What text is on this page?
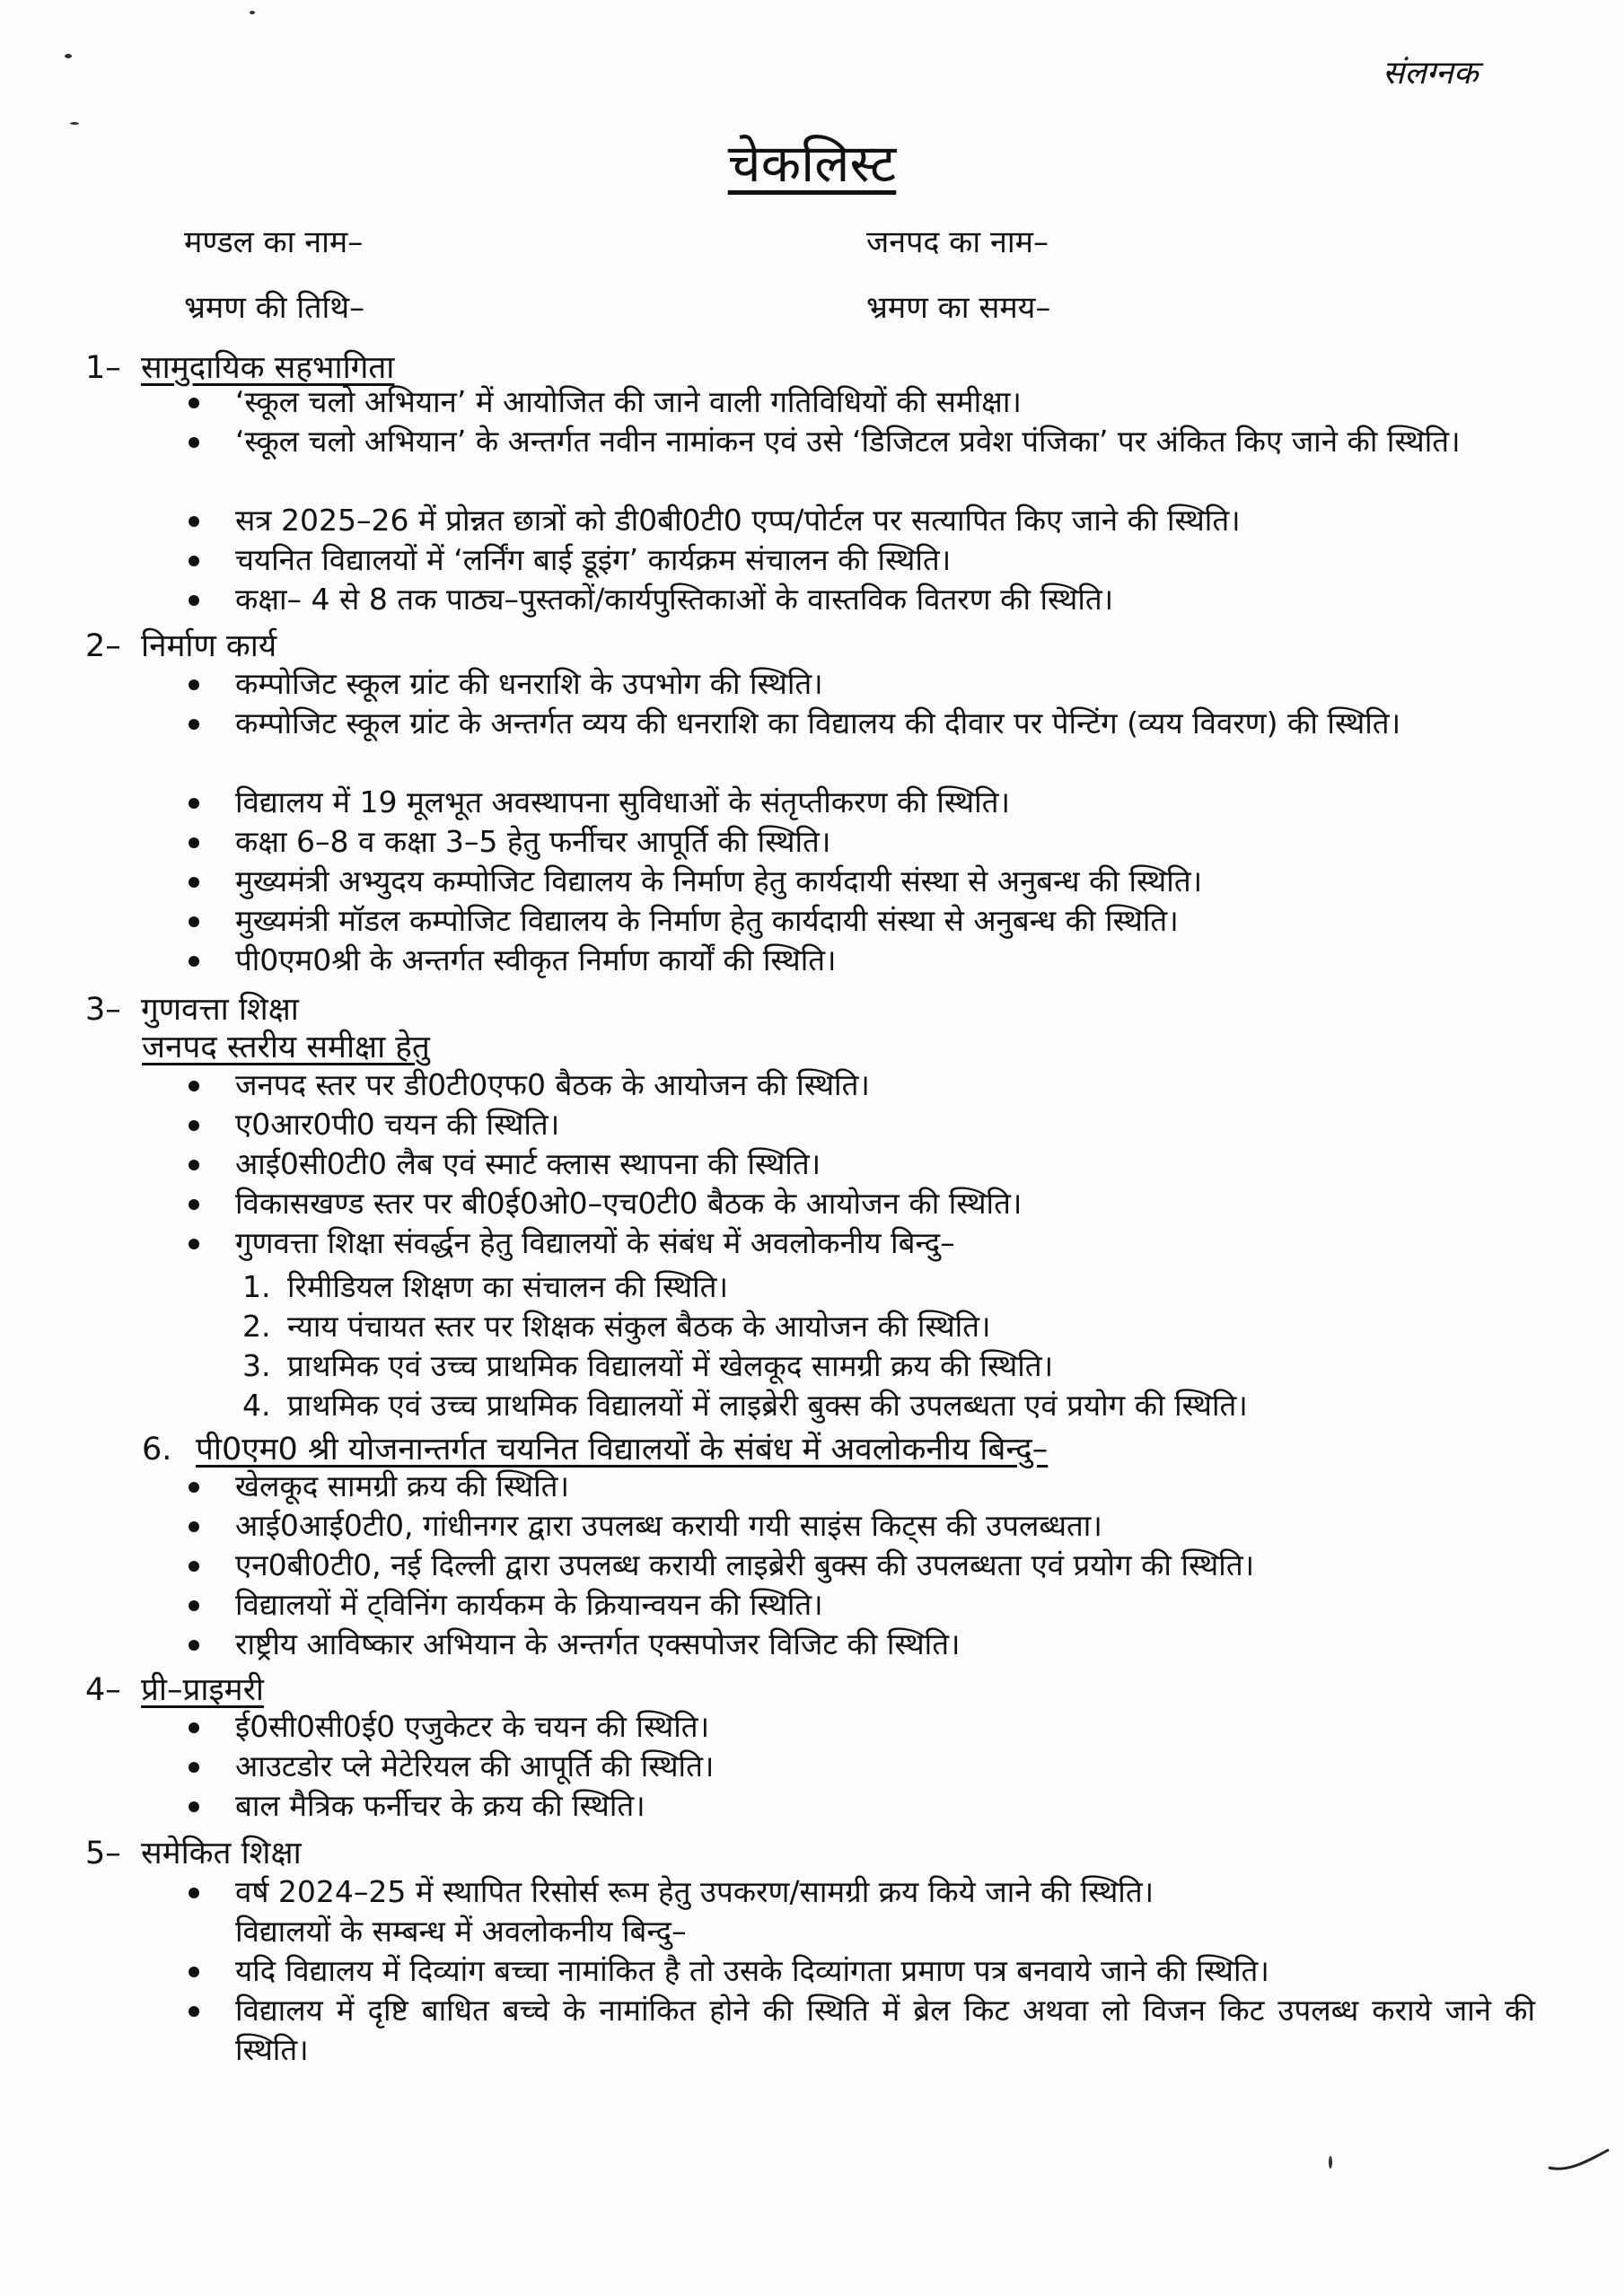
संलग्नक
चेकलिस्ट
मण्डल का नाम–	जनपद का नाम–
भ्रमण की तिथि–	भ्रमण का समय–
1– सामुदायिक सहभागिता
‘स्कूल चलो अभियान’ में आयोजित की जाने वाली गतिविधियों की समीक्षा।
‘स्कूल चलो अभियान’ के अन्तर्गत नवीन नामांकन एवं उसे ‘डिजिटल प्रवेश पंजिका’ पर अंकित किए जाने की स्थिति।
सत्र 2025–26 में प्रोन्नत छात्रों को डी0बी0टी0 एप्प/पोर्टल पर सत्यापित किए जाने की स्थिति।
चयनित विद्यालयों में ‘लर्निंग बाई डूइंग’ कार्यक्रम संचालन की स्थिति।
कक्षा– 4 से 8 तक पाठ्य–पुस्तकों/कार्यपुस्तिकाओं के वास्तविक वितरण की स्थिति।
2– निर्माण कार्य
कम्पोजिट स्कूल ग्रांट की धनराशि के उपभोग की स्थिति।
कम्पोजिट स्कूल ग्रांट के अन्तर्गत व्यय की धनराशि का विद्यालय की दीवार पर पेन्टिंग (व्यय विवरण) की स्थिति।
विद्यालय में 19 मूलभूत अवस्थापना सुविधाओं के संतृप्तीकरण की स्थिति।
कक्षा 6–8 व कक्षा 3–5 हेतु फर्नीचर आपूर्ति की स्थिति।
मुख्यमंत्री अभ्युदय कम्पोजिट विद्यालय के निर्माण हेतु कार्यदायी संस्था से अनुबन्ध की स्थिति।
मुख्यमंत्री मॉडल कम्पोजिट विद्यालय के निर्माण हेतु कार्यदायी संस्था से अनुबन्ध की स्थिति।
पी0एम0श्री के अन्तर्गत स्वीकृत निर्माण कार्यों की स्थिति।
3– गुणवत्ता शिक्षा
जनपद स्तरीय समीक्षा हेतु
जनपद स्तर पर डी0टी0एफ0 बैठक के आयोजन की स्थिति।
ए0आर0पी0 चयन की स्थिति।
आई0सी0टी0 लैब एवं स्मार्ट क्लास स्थापना की स्थिति।
विकासखण्ड स्तर पर बी0ई0ओ0–एच0टी0 बैठक के आयोजन की स्थिति।
गुणवत्ता शिक्षा संवर्द्धन हेतु विद्यालयों के संबंध में अवलोकनीय बिन्दु–
1. रिमीडियल शिक्षण का संचालन की स्थिति।
2. न्याय पंचायत स्तर पर शिक्षक संकुल बैठक के आयोजन की स्थिति।
3. प्राथमिक एवं उच्च प्राथमिक विद्यालयों में खेलकूद सामग्री क्रय की स्थिति।
4. प्राथमिक एवं उच्च प्राथमिक विद्यालयों में लाइब्रेरी बुक्स की उपलब्धता एवं प्रयोग की स्थिति।
6. पी0एम0 श्री योजनान्तर्गत चयनित विद्यालयों के संबंध में अवलोकनीय बिन्दु–
खेलकूद सामग्री क्रय की स्थिति।
आई0आई0टी0, गांधीनगर द्वारा उपलब्ध करायी गयी साइंस किट्स की उपलब्धता।
एन0बी0टी0, नई दिल्ली द्वारा उपलब्ध करायी लाइब्रेरी बुक्स की उपलब्धता एवं प्रयोग की स्थिति।
विद्यालयों में ट्विनिंग कार्यकम के क्रियान्वयन की स्थिति।
राष्ट्रीय आविष्कार अभियान के अन्तर्गत एक्सपोजर विजिट की स्थिति।
4– प्री–प्राइमरी
ई0सी0सी0ई0 एजुकेटर के चयन की स्थिति।
आउटडोर प्ले मेटेरियल की आपूर्ति की स्थिति।
बाल मैत्रिक फर्नीचर के क्रय की स्थिति।
5– समेकित शिक्षा
वर्ष 2024–25 में स्थापित रिसोर्स रूम हेतु उपकरण/सामग्री क्रय किये जाने की स्थिति।
विद्यालयों के सम्बन्ध में अवलोकनीय बिन्दु–
यदि विद्यालय में दिव्यांग बच्चा नामांकित है तो उसके दिव्यांगता प्रमाण पत्र बनवाये जाने की स्थिति।
विद्यालय में दृष्टि बाधित बच्चे के नामांकित होने की स्थिति में ब्रेल किट अथवा लो विजन किट उपलब्ध कराये जाने की स्थिति।
